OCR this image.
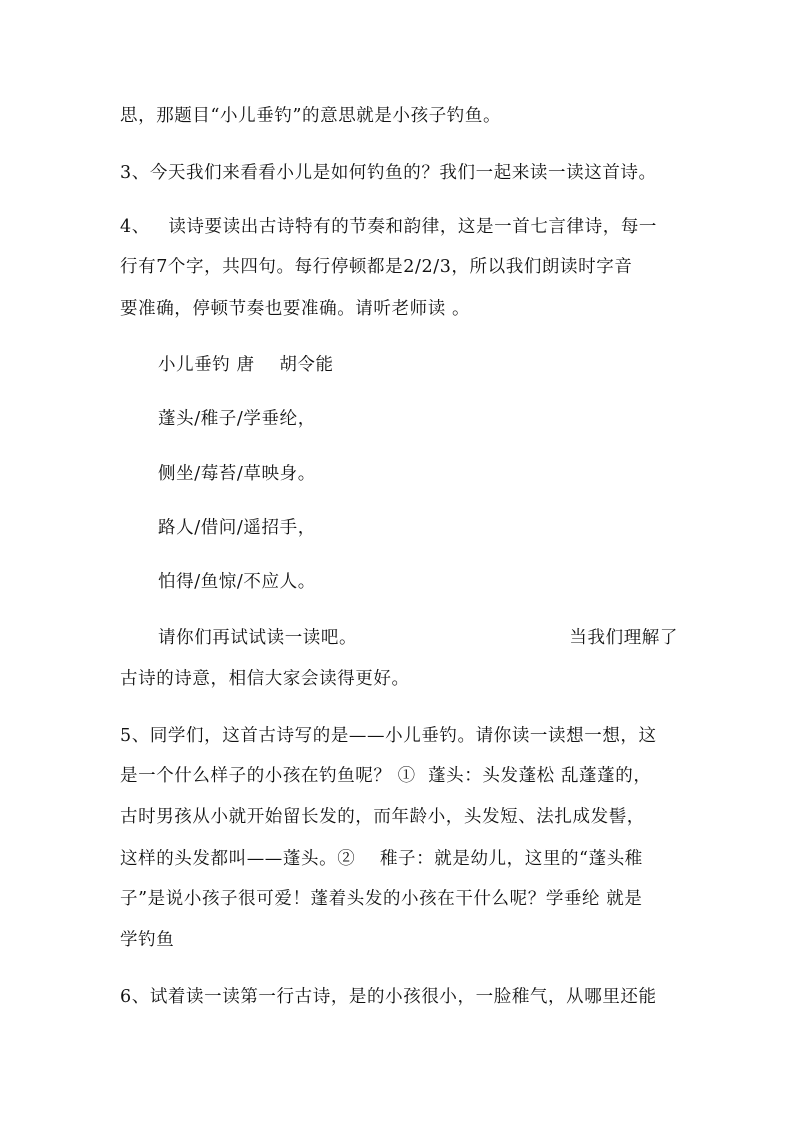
思，那题目“小儿垂钓”的意思就是小孩子钓鱼。
3、今天我们来看看小儿是如何钓鱼的？我们一起来读一读这首诗。
4、   读诗要读出古诗特有的节奏和韵律，这是一首七言律诗，每一
行有7个字，共四句。每行停顿都是2/2/3，所以我们朗读时字音
要准确，停顿节奏也要准确。请听老师读 。
小儿垂钓 唐    胡令能
蓬头/稚子/学垂纶，
侧坐/莓苔/草映身。
路人/借问/遥招手，
怕得/鱼惊/不应人。
请你们再试试读一读吧。	当我们理解了
古诗的诗意，相信大家会读得更好。
5、同学们，这首古诗写的是——小儿垂钓。请你读一读想一想，这
是一个什么样子的小孩在钓鱼呢？ ①  蓬头：头发蓬松 乱蓬蓬的，
古时男孩从小就开始留长发的，而年龄小，头发短、法扎成发髻，
这样的头发都叫——蓬头。②    稚子：就是幼儿，这里的“蓬头稚
子”是说小孩子很可爱！蓬着头发的小孩在干什么呢？学垂纶 就是
学钓鱼
6、试着读一读第一行古诗，是的小孩很小，一脸稚气，从哪里还能
